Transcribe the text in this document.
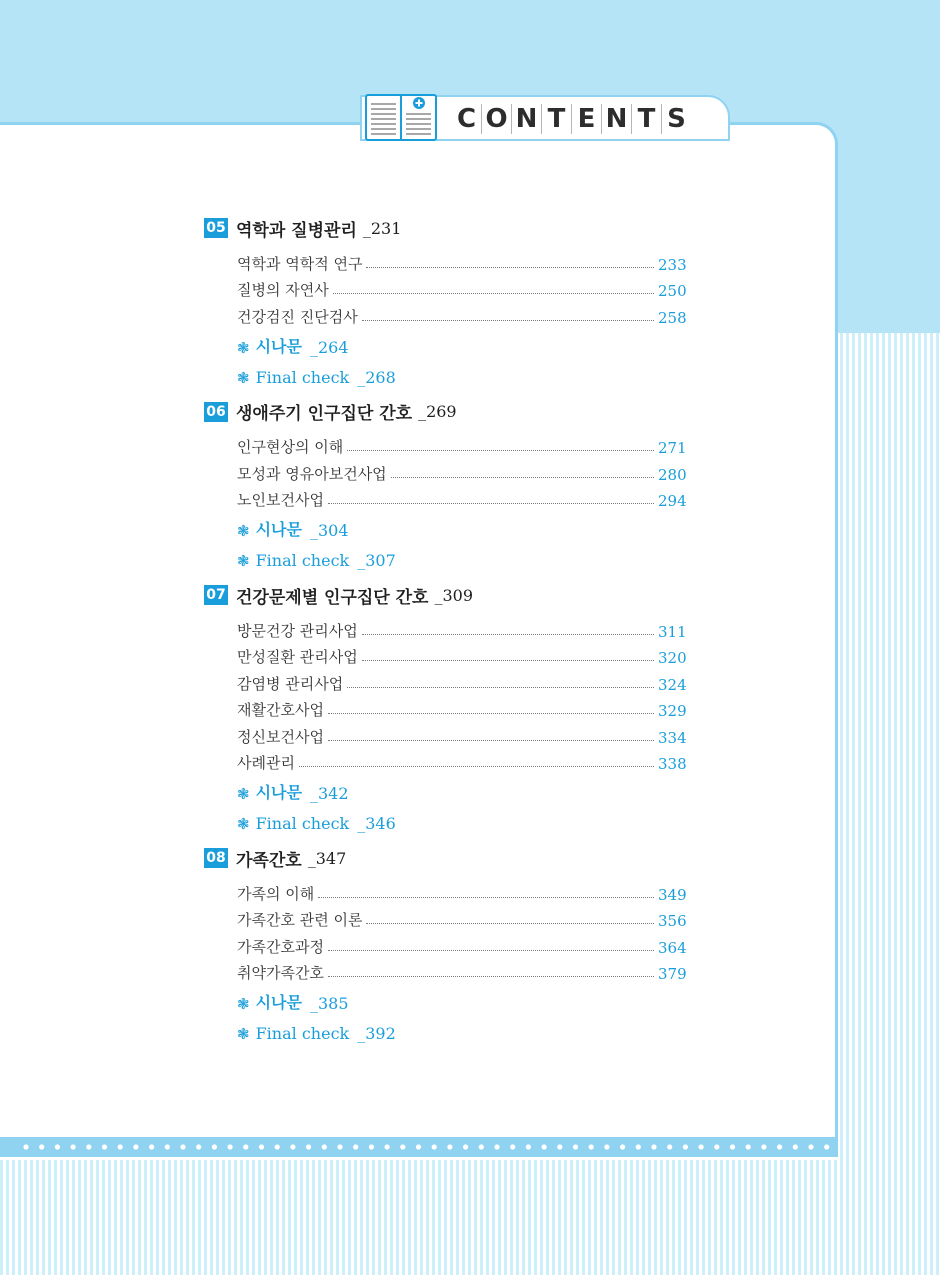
C O N T E N T S
05 역학과 질병관리 _231
역학과 역학적 연구	233
질병의 자연사	250
건강검진 진단검사	258
❃ 시나문 _264
❃ Final check _268
06 생애주기 인구집단 간호 _269
인구현상의 이해	271
모성과 영유아보건사업	280
노인보건사업	294
❃ 시나문 _304
❃ Final check _307
07 건강문제별 인구집단 간호 _309
방문건강 관리사업	311
만성질환 관리사업	320
감염병 관리사업	324
재활간호사업	329
정신보건사업	334
사례관리	338
❃ 시나문 _342
❃ Final check _346
08 가족간호 _347
가족의 이해	349
가족간호 관련 이론	356
가족간호과정	364
취약가족간호	379
❃ 시나문 _385
❃ Final check _392
